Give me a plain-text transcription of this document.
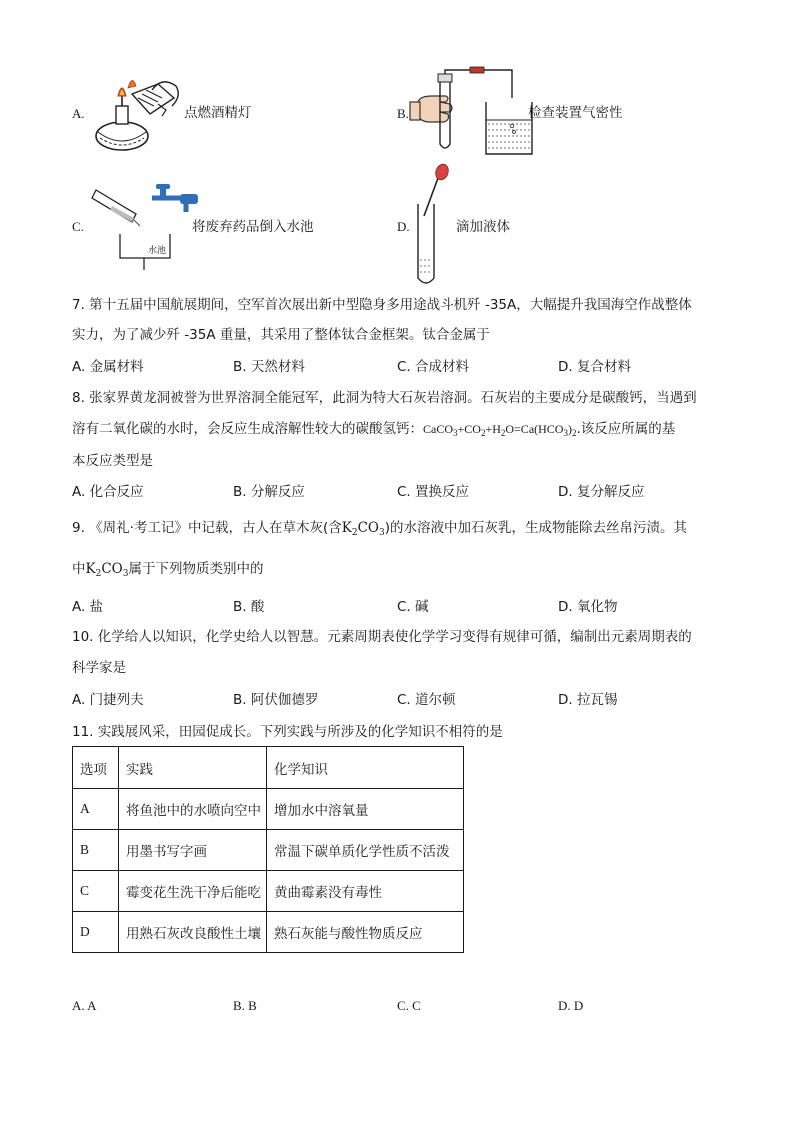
A.	点燃酒精灯	B.	检查装置气密性
C.
水池
将废弃药品倒入水池	D.	滴加液体
7. 第十五届中国航展期间，空军首次展出新中型隐身多用途战斗机歼 -35A，大幅提升我国海空作战整体
实力，为了减少歼 -35A 重量，其采用了整体钛合金框架。钛合金属于
A. 金属材料	B. 天然材料	C. 合成材料	D. 复合材料
8. 张家界黄龙洞被誉为世界溶洞全能冠军，此洞为特大石灰岩溶洞。石灰岩的主要成分是碳酸钙，当遇到
溶有二氧化碳的水时，会反应生成溶解性较大的碳酸氢钙：$CaCO_3+CO_2+H_2O=Ca(HCO_3)_2$.该反应所属的基
本反应类型是
A. 化合反应	B. 分解反应	C. 置换反应	D. 复分解反应
9. 《周礼·考工记》中记载，古人在草木灰(含$K_2CO_3$)的水溶液中加石灰乳，生成物能除去丝帛污渍。其
中$K_2CO_3$属于下列物质类别中的
A. 盐	B. 酸	C. 碱	D. 氧化物
10. 化学给人以知识，化学史给人以智慧。元素周期表使化学学习变得有规律可循，编制出元素周期表的
科学家是
A. 门捷列夫	B. 阿伏伽德罗	C. 道尔顿	D. 拉瓦锡
11. 实践展风采，田园促成长。下列实践与所涉及的化学知识不相符的是
选项	实践	化学知识
A	将鱼池中的水喷向空中	增加水中溶氧量
B	用墨书写字画	常温下碳单质化学性质不活泼
C	霉变花生洗干净后能吃	黄曲霉素没有毒性
D	用熟石灰改良酸性土壤	熟石灰能与酸性物质反应
A. A	B. B	C. C	D. D
